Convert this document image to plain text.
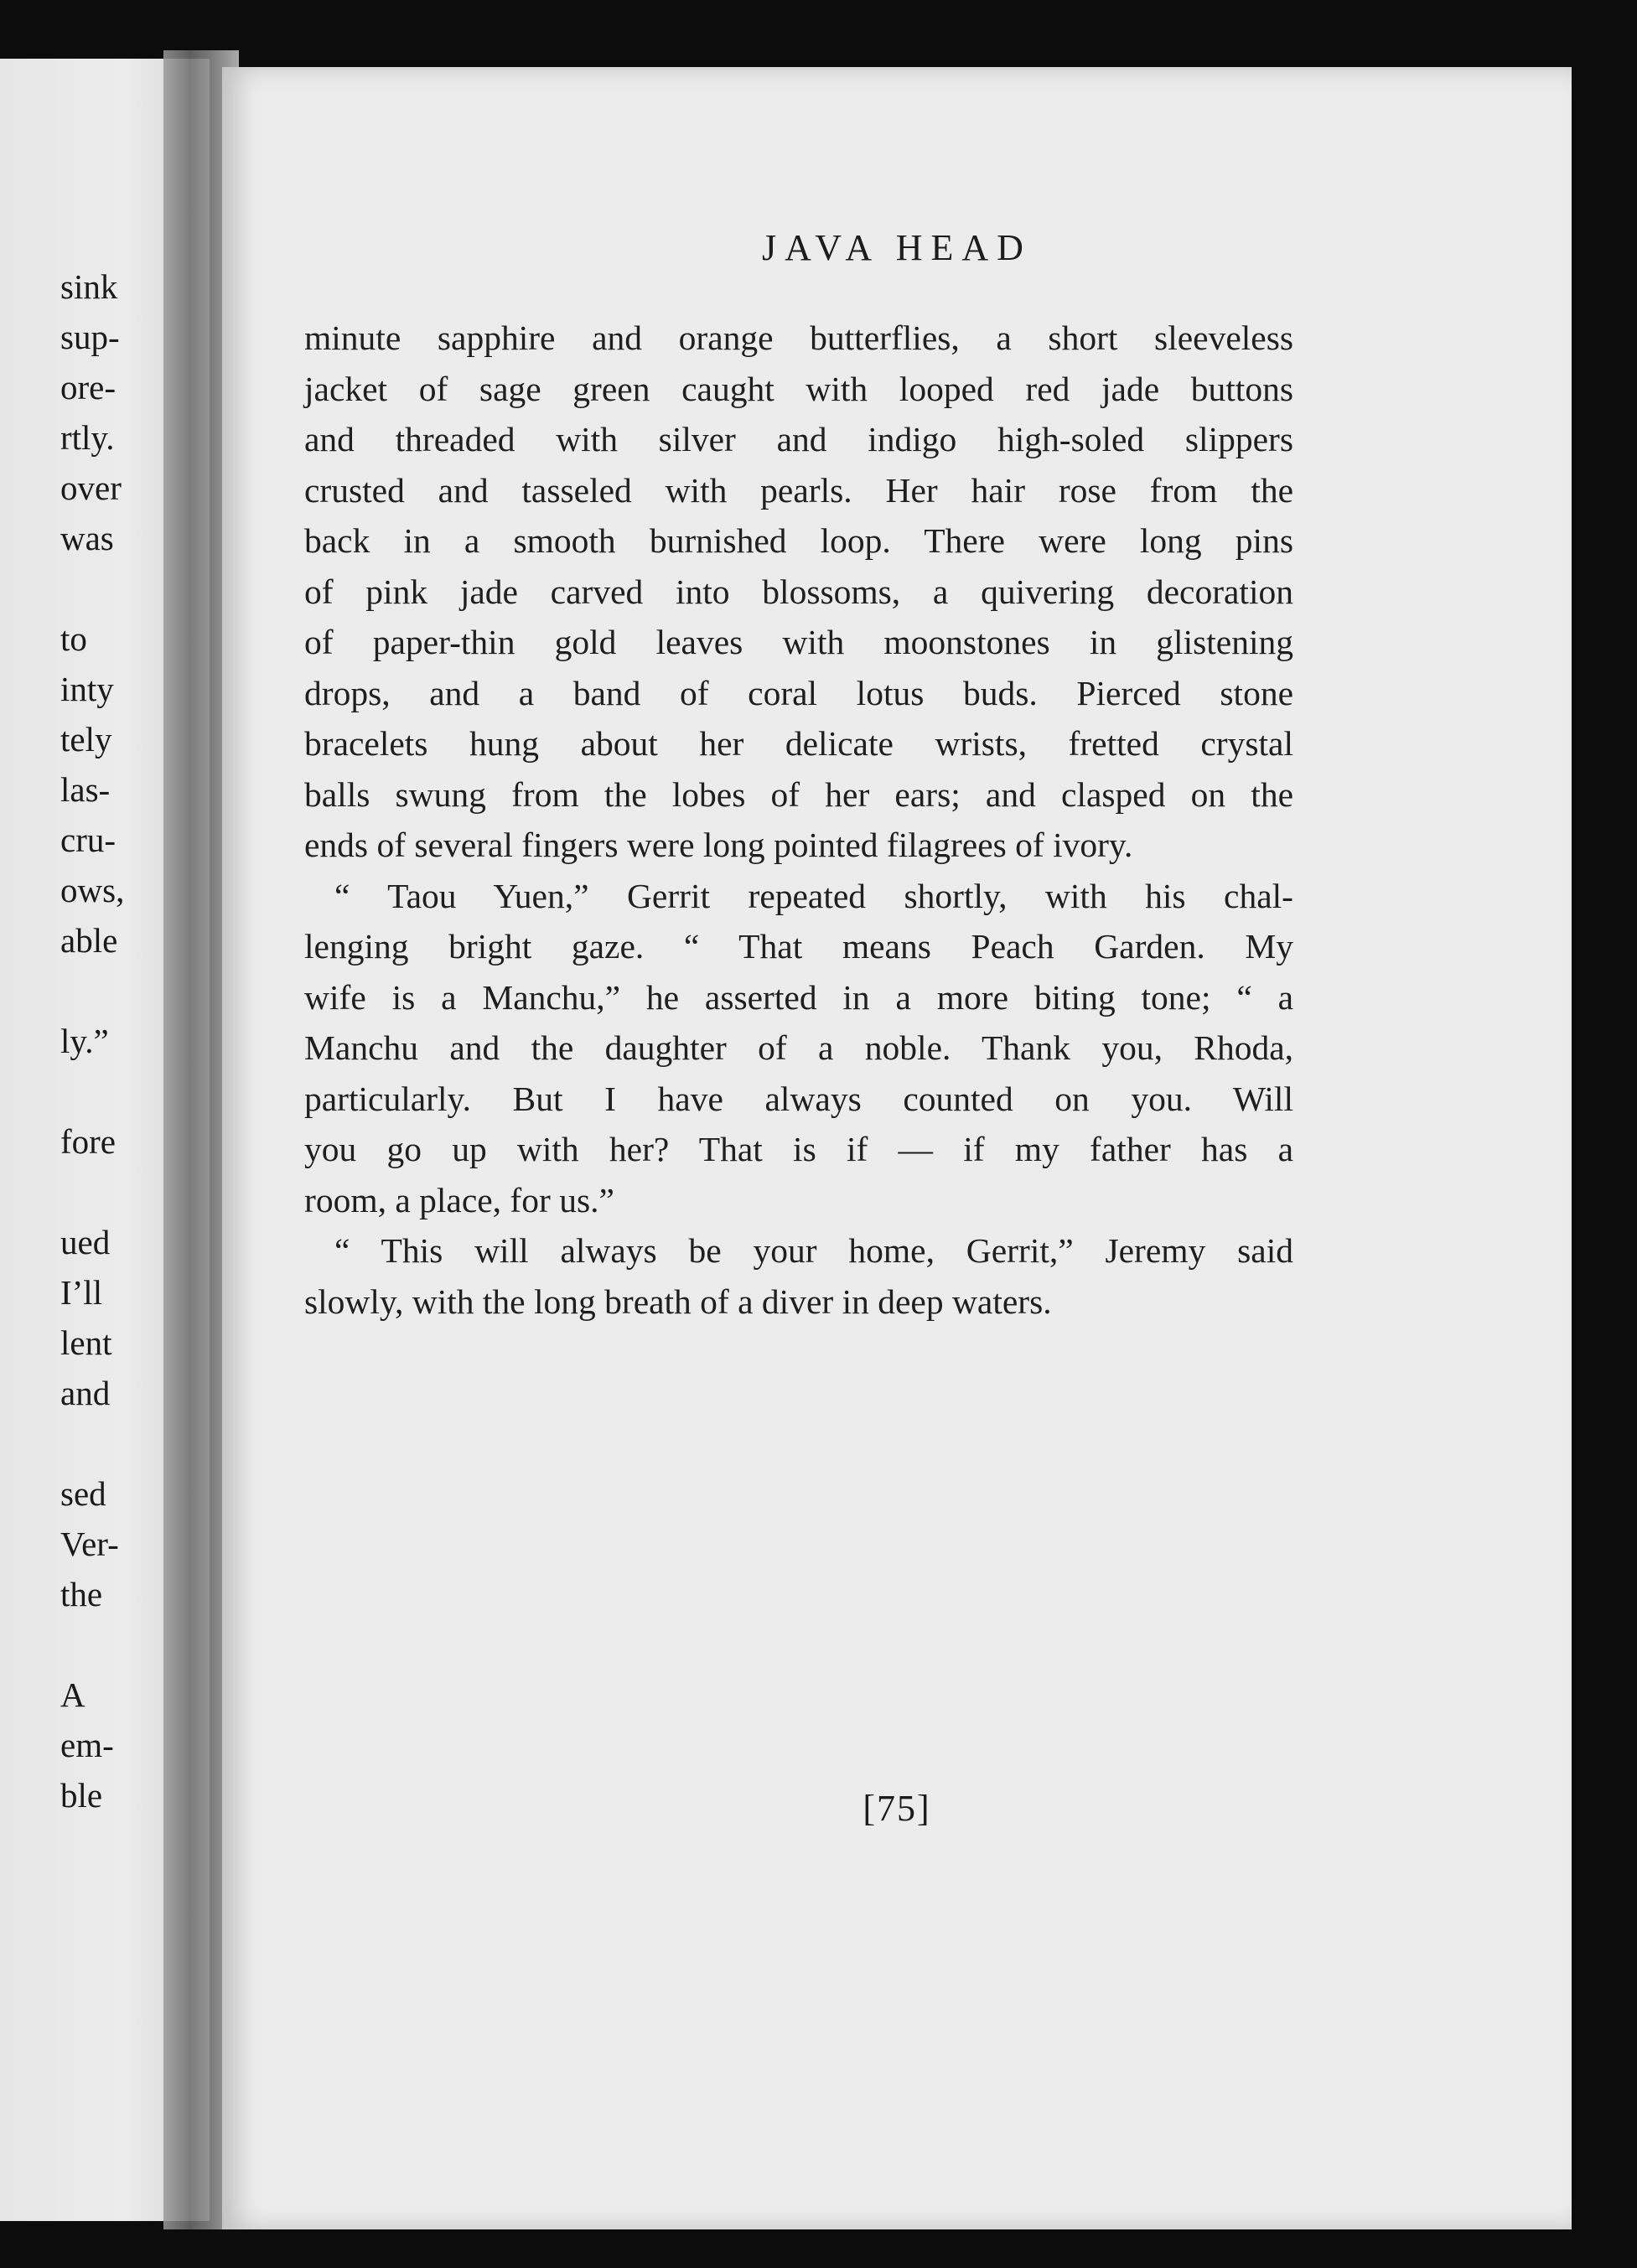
sink
sup-
ore-
rtly.
over
was
to
inty
tely
las-
cru-
ows,
able
ly.”
fore
ued
I’ll
lent
and
sed
Ver-
the
A
em-
ble
JAVA HEAD

minute sapphire and orange butterflies, a short sleeveless
jacket of sage green caught with looped red jade buttons
and threaded with silver and indigo high-soled slippers
crusted and tasseled with pearls. Her hair rose from the
back in a smooth burnished loop. There were long pins
of pink jade carved into blossoms, a quivering decoration
of paper-thin gold leaves with moonstones in glistening
drops, and a band of coral lotus buds. Pierced stone
bracelets hung about her delicate wrists, fretted crystal
balls swung from the lobes of her ears; and clasped on the
ends of several fingers were long pointed filagrees of ivory.

“ Taou Yuen,” Gerrit repeated shortly, with his chal-
lenging bright gaze. “ That means Peach Garden. My
wife is a Manchu,” he asserted in a more biting tone; “ a
Manchu and the daughter of a noble. Thank you, Rhoda,
particularly. But I have always counted on you. Will
you go up with her? That is if — if my father has a
room, a place, for us.”

“ This will always be your home, Gerrit,” Jeremy said
slowly, with the long breath of a diver in deep waters.

[75]
